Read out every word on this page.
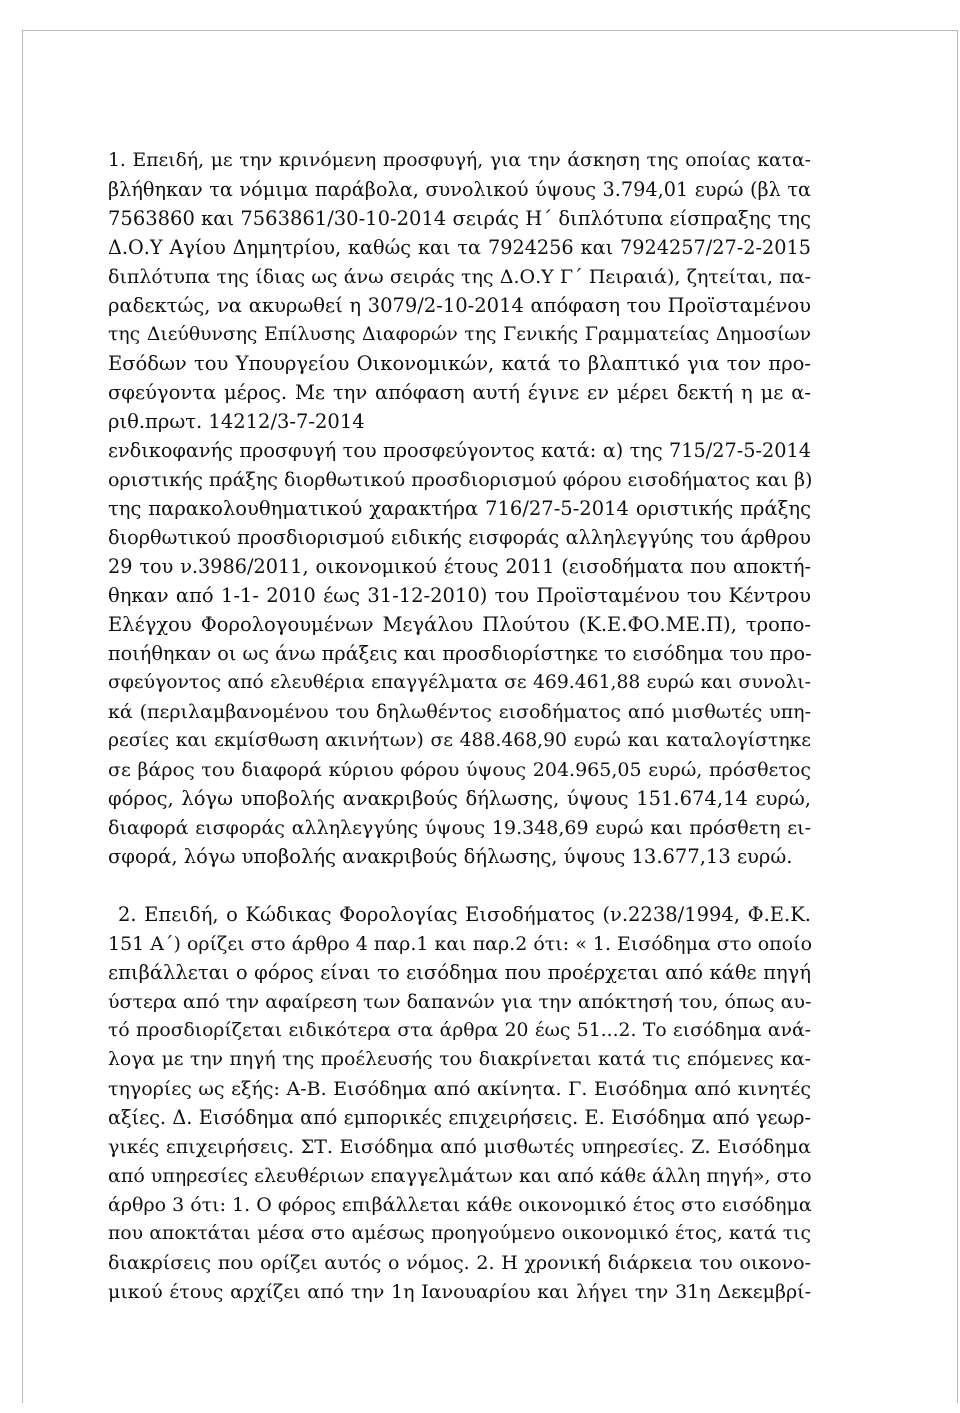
1. Επειδή, με την κρινόμενη προσφυγή, για την άσκηση της οποίας κατα-
βλήθηκαν τα νόμιμα παράβολα, συνολικού ύψους 3.794,01 ευρώ (βλ τα
7563860 και 7563861/30-10-2014 σειράς Η΄ διπλότυπα είσπραξης της
Δ.Ο.Υ Αγίου Δημητρίου, καθώς και τα 7924256 και 7924257/27-2-2015
διπλότυπα της ίδιας ως άνω σειράς της Δ.Ο.Υ Γ΄ Πειραιά), ζητείται, πα-
ραδεκτώς, να ακυρωθεί η 3079/2-10-2014 απόφαση του Προϊσταμένου
της Διεύθυνσης Επίλυσης Διαφορών της Γενικής Γραμματείας Δημοσίων
Εσόδων του Υπουργείου Οικονομικών, κατά το βλαπτικό για τον προ-
σφεύγοντα μέρος. Με την απόφαση αυτή έγινε εν μέρει δεκτή η με α-
ριθ.πρωτ. 14212/3-7-2014
ενδικοφανής προσφυγή του προσφεύγοντος κατά: α) της 715/27-5-2014
οριστικής πράξης διορθωτικού προσδιορισμού φόρου εισοδήματος και β)
της παρακολουθηματικού χαρακτήρα 716/27-5-2014 οριστικής πράξης
διορθωτικού προσδιορισμού ειδικής εισφοράς αλληλεγγύης του άρθρου
29 του ν.3986/2011, οικονομικού έτους 2011 (εισοδήματα που αποκτή-
θηκαν από 1-1- 2010 έως 31-12-2010) του Προϊσταμένου του Κέντρου
Ελέγχου Φορολογουμένων Μεγάλου Πλούτου (Κ.Ε.ΦΟ.ΜΕ.Π), τροπο-
ποιήθηκαν οι ως άνω πράξεις και προσδιορίστηκε το εισόδημα του προ-
σφεύγοντος από ελευθέρια επαγγέλματα σε 469.461,88 ευρώ και συνολι-
κά (περιλαμβανομένου του δηλωθέντος εισοδήματος από μισθωτές υπη-
ρεσίες και εκμίσθωση ακινήτων) σε 488.468,90 ευρώ και καταλογίστηκε
σε βάρος του διαφορά κύριου φόρου ύψους 204.965,05 ευρώ, πρόσθετος
φόρος, λόγω υποβολής ανακριβούς δήλωσης, ύψους 151.674,14 ευρώ,
διαφορά εισφοράς αλληλεγγύης ύψους 19.348,69 ευρώ και πρόσθετη ει-
σφορά, λόγω υποβολής ανακριβούς δήλωσης, ύψους 13.677,13 ευρώ.
2. Επειδή, ο Κώδικας Φορολογίας Εισοδήματος (ν.2238/1994, Φ.Ε.Κ.
151 Α΄) ορίζει στο άρθρο 4 παρ.1 και παρ.2 ότι: « 1. Εισόδημα στο οποίο
επιβάλλεται ο φόρος είναι το εισόδημα που προέρχεται από κάθε πηγή
ύστερα από την αφαίρεση των δαπανών για την απόκτησή του, όπως αυ-
τό προσδιορίζεται ειδικότερα στα άρθρα 20 έως 51...2. Το εισόδημα ανά-
λογα με την πηγή της προέλευσής του διακρίνεται κατά τις επόμενες κα-
τηγορίες ως εξής: Α-Β. Εισόδημα από ακίνητα. Γ. Εισόδημα από κινητές
αξίες. Δ. Εισόδημα από εμπορικές επιχειρήσεις. Ε. Εισόδημα από γεωρ-
γικές επιχειρήσεις. ΣΤ. Εισόδημα από μισθωτές υπηρεσίες. Ζ. Εισόδημα
από υπηρεσίες ελευθέριων επαγγελμάτων και από κάθε άλλη πηγή», στο
άρθρο 3 ότι: 1. Ο φόρος επιβάλλεται κάθε οικονομικό έτος στο εισόδημα
που αποκτάται μέσα στο αμέσως προηγούμενο οικονομικό έτος, κατά τις
διακρίσεις που ορίζει αυτός ο νόμος. 2. Η χρονική διάρκεια του οικονο-
μικού έτους αρχίζει από την 1η Ιανουαρίου και λήγει την 31η Δεκεμβρί-
